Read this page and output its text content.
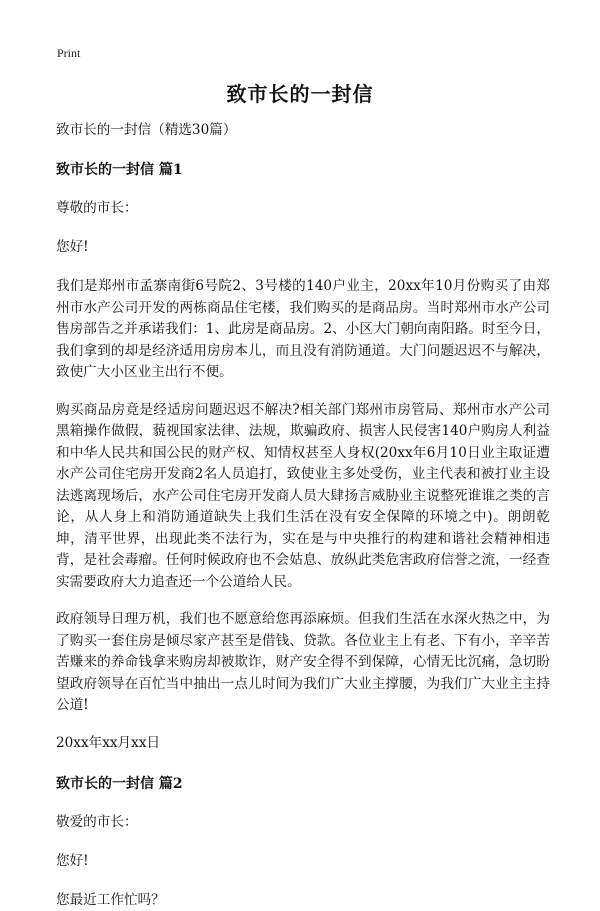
Print
致市长的一封信

致市长的一封信（精选30篇）

致市长的一封信 篇1

尊敬的市长：

您好!

我们是郑州市孟寨南街6号院2、3号楼的140户业主，20xx年10月份购买了由郑州市水产公司开发的两栋商品住宅楼，我们购买的是商品房。当时郑州市水产公司售房部告之并承诺我们：1、此房是商品房。2、小区大门朝向南阳路。时至今日，我们拿到的却是经济适用房房本儿，而且没有消防通道。大门问题迟迟不与解决，致使广大小区业主出行不便。

购买商品房竟是经适房问题迟迟不解决?相关部门郑州市房管局、郑州市水产公司黑箱操作做假，藐视国家法律、法规，欺骗政府、损害人民侵害140户购房人利益和中华人民共和国公民的财产权、知情权甚至人身权(20xx年6月10日业主取证遭水产公司住宅房开发商2名人员追打，致使业主多处受伤，业主代表和被打业主设法逃离现场后，水产公司住宅房开发商人员大肆扬言威胁业主说整死谁谁之类的言论，从人身上和消防通道缺失上我们生活在没有安全保障的环境之中)。朗朗乾坤，清平世界，出现此类不法行为，实在是与中央推行的构建和谐社会精神相违背，是社会毒瘤。任何时候政府也不会姑息、放纵此类危害政府信誉之流，一经查实需要政府大力追查还一个公道给人民。

政府领导日理万机，我们也不愿意给您再添麻烦。但我们生活在水深火热之中，为了购买一套住房是倾尽家产甚至是借钱、贷款。各位业主上有老、下有小，辛辛苦苦赚来的养命钱拿来购房却被欺诈，财产安全得不到保障，心情无比沉痛，急切盼望政府领导在百忙当中抽出一点儿时间为我们广大业主撑腰，为我们广大业主主持公道!

20xx年xx月xx日

致市长的一封信 篇2

敬爱的市长：

您好!

您最近工作忙吗？
